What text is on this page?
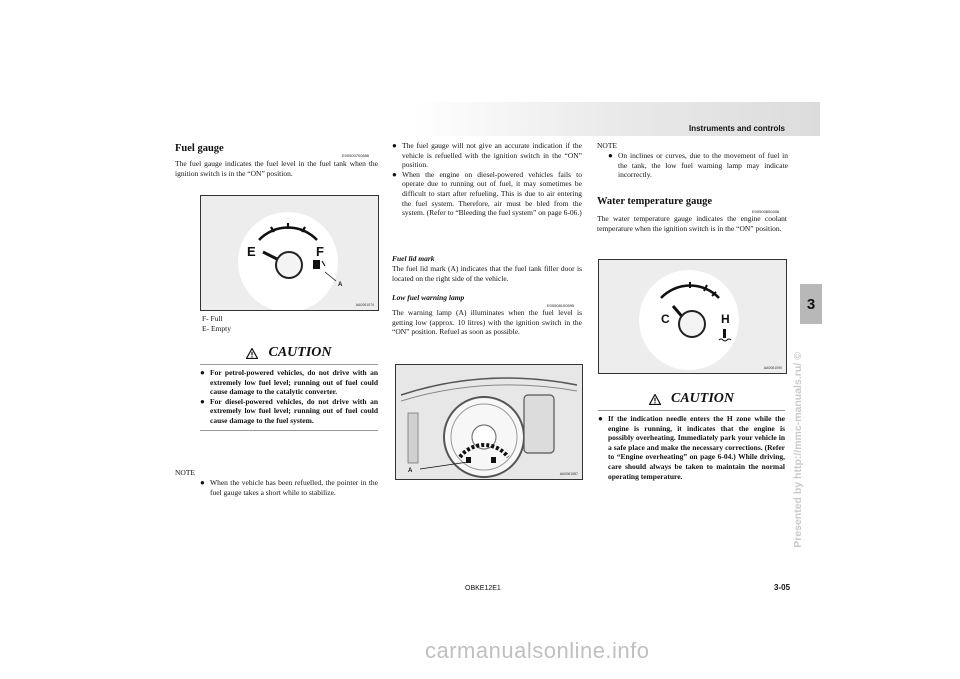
Instruments and controls
3
Presented by http://mmc-manuals.ru/ ©
Fuel gauge
E00500700856
The fuel gauge indicates the fuel level in the fuel tank when the ignition switch is in the “ON” position.
E	F
A
AA0061074
F- Full
E- Empty
CAUTION
● For petrol-powered vehicles, do not drive with an extremely low fuel level; running out of fuel could cause damage to the catalytic converter.
● For diesel-powered vehicles, do not drive with an extremely low fuel level; running out of fuel could cause damage to the fuel system.
NOTE
● When the vehicle has been refuelled, the pointer in the fuel gauge takes a short while to stabilize.
● The fuel gauge will not give an accurate indication if the vehicle is refuelled with the ignition switch in the “ON” position.
● When the engine on diesel-powered vehicles fails to operate due to running out of fuel, it may sometimes be difficult to start after refueling. This is due to air entering the fuel system. Therefore, air must be bled from the system. (Refer to “Bleeding the fuel system” on page 6-06.)
Fuel lid mark
The fuel lid mark (A) indicates that the fuel tank filler door is located on the right side of the vehicle.
Low fuel warning lamp
E00508100595
The warning lamp (A) illuminates when the fuel level is getting low (approx. 10 litres) with the ignition switch in the “ON” position. Refuel as soon as possible.
A	AA0061087
NOTE
● On inclines or curves, due to the movement of fuel in the tank, the low fuel warning lamp may indicate incorrectly.
Water temperature gauge
E00500800408
The water temperature gauge indicates the engine coolant temperature when the ignition switch is in the “ON” position.
C	H
AA0061090
CAUTION
● If the indication needle enters the H zone while the engine is running, it indicates that the engine is possibly overheating. Immediately park your vehicle in a safe place and make the necessary corrections. (Refer to “Engine overheating” on page 6-04.) While driving, care should always be taken to maintain the normal operating temperature.
OBKE12E1	3-05
carmanualsonline.info
